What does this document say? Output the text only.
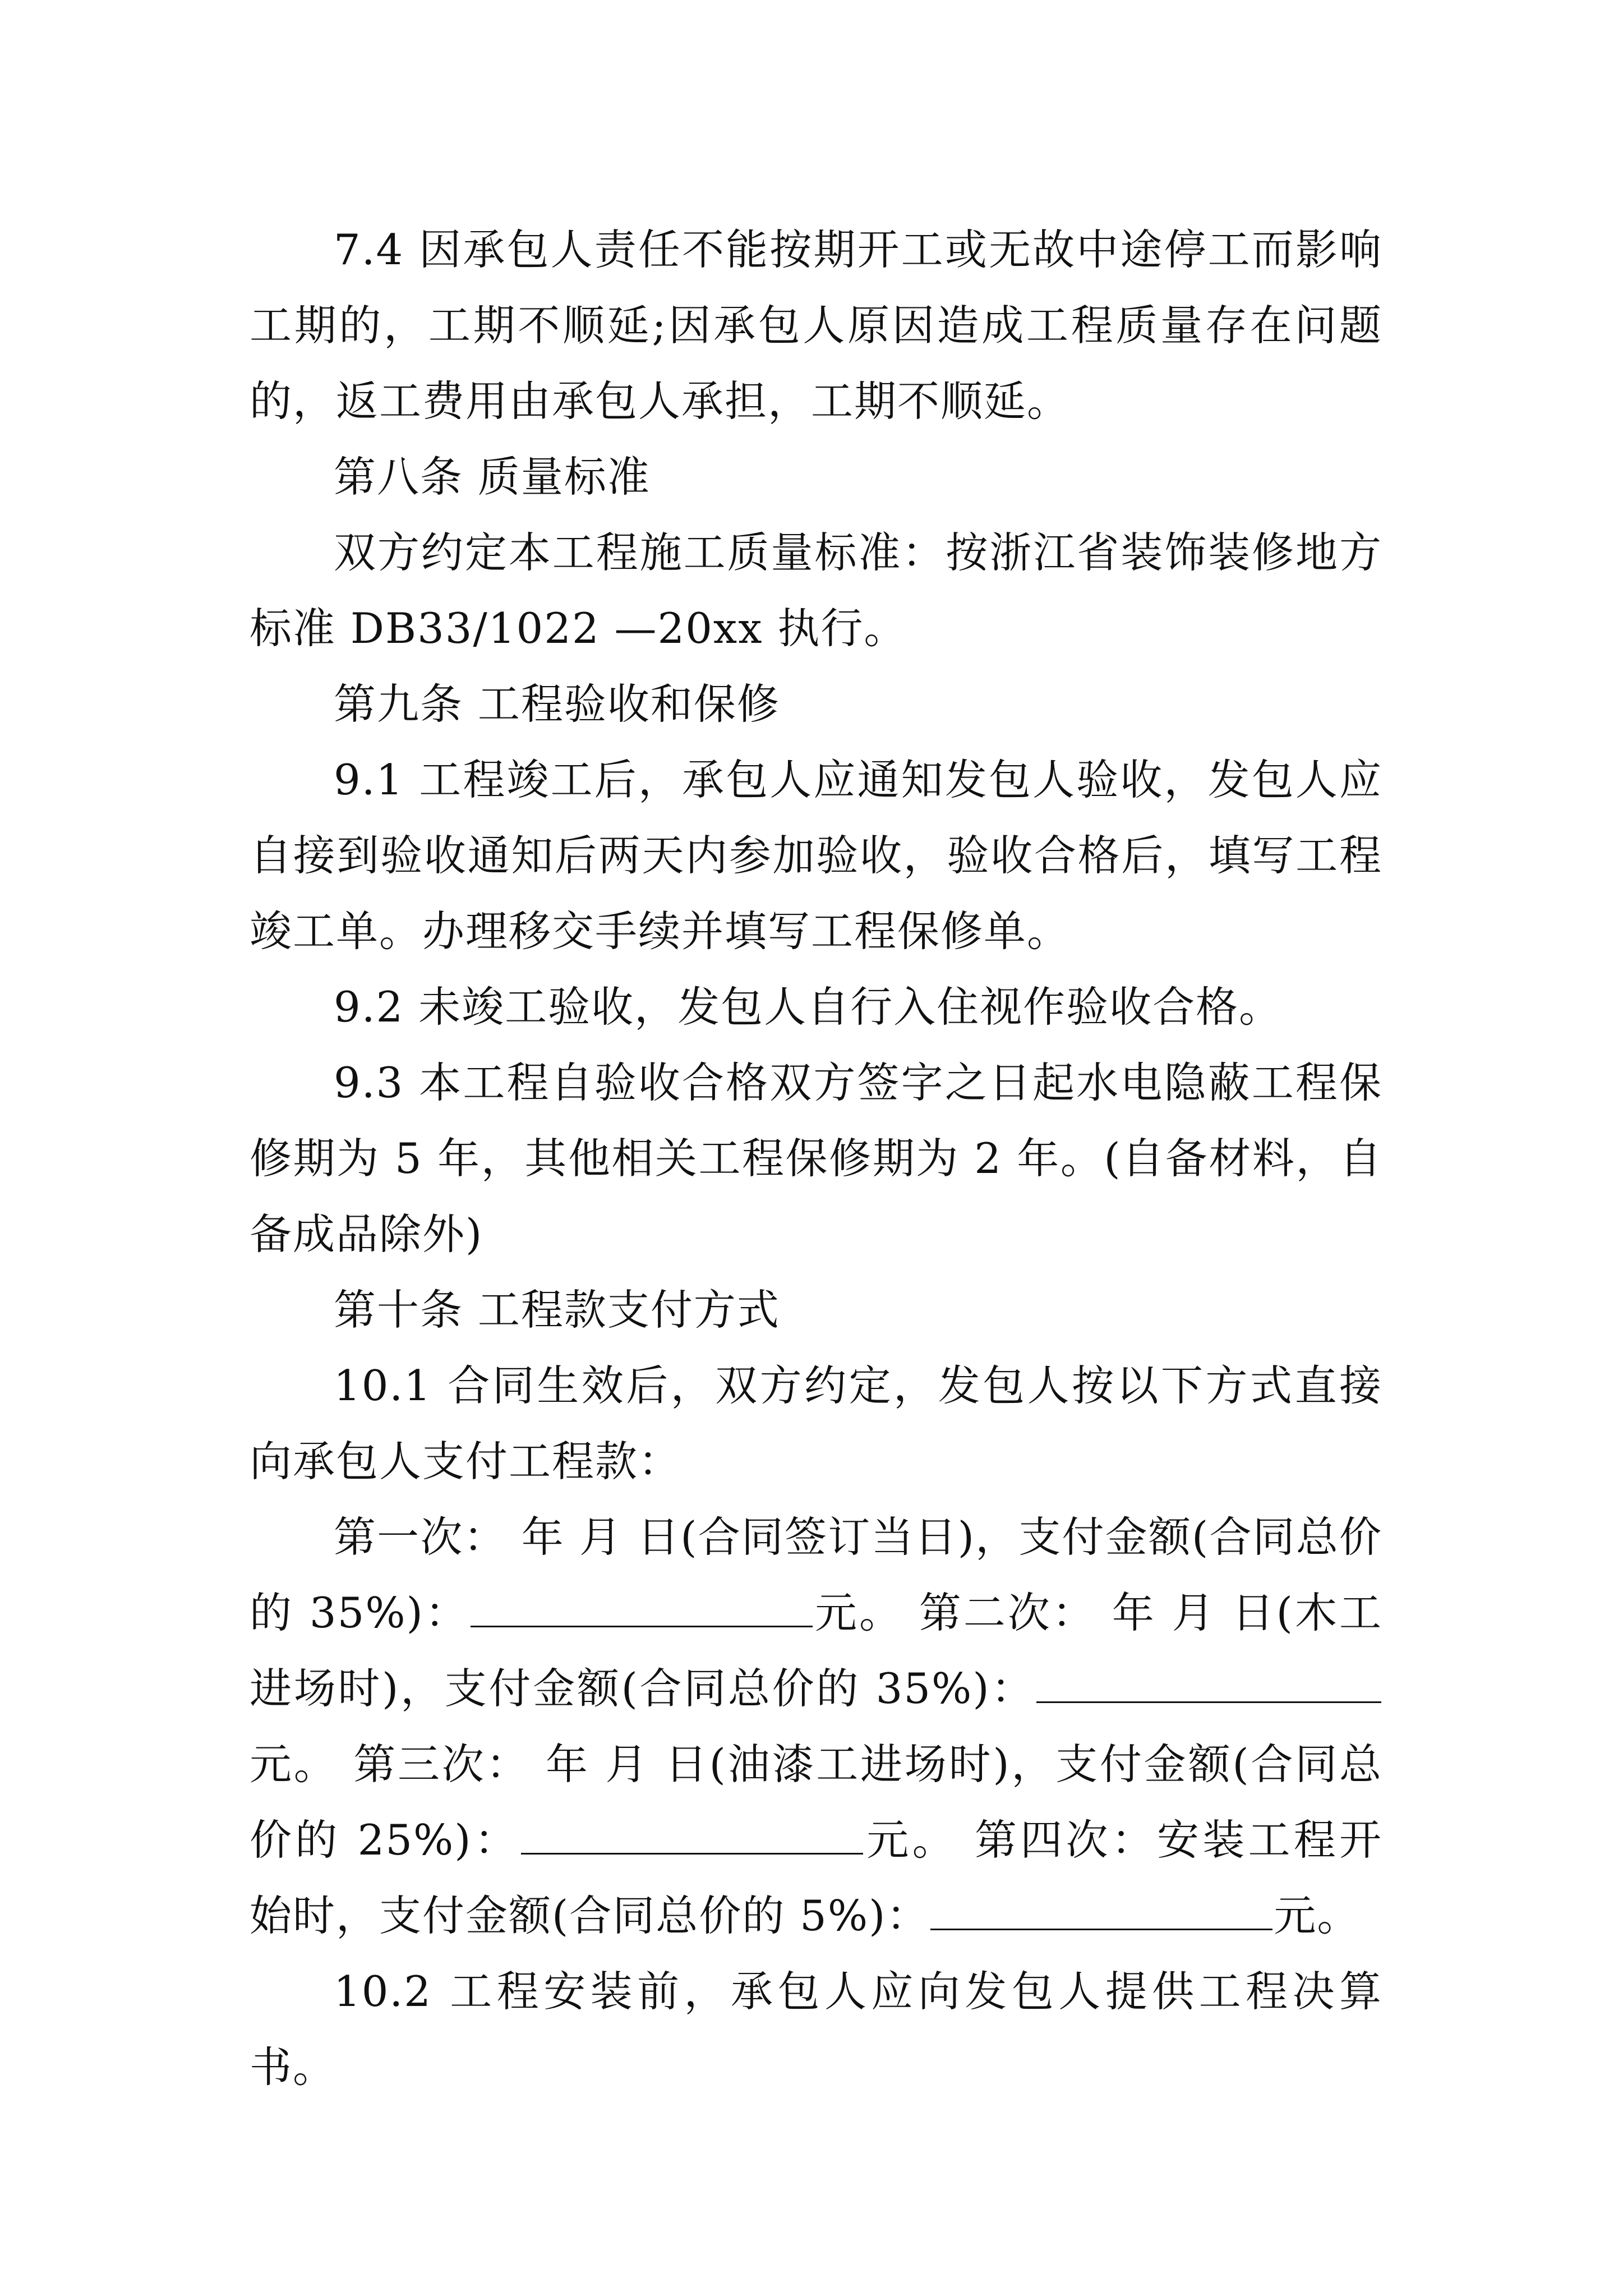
7.4 因承包人责任不能按期开工或无故中途停工而影响工期的，工期不顺延;因承包人原因造成工程质量存在问题的，返工费用由承包人承担，工期不顺延。

第八条 质量标准

双方约定本工程施工质量标准：按浙江省装饰装修地方标准 DB33/1022 —20xx 执行。

第九条 工程验收和保修

9.1 工程竣工后，承包人应通知发包人验收，发包人应自接到验收通知后两天内参加验收，验收合格后，填写工程竣工单。办理移交手续并填写工程保修单。

9.2 未竣工验收，发包人自行入住视作验收合格。

9.3 本工程自验收合格双方签字之日起水电隐蔽工程保修期为 5 年，其他相关工程保修期为 2 年。(自备材料，自备成品除外)

第十条 工程款支付方式

10.1 合同生效后，双方约定，发包人按以下方式直接向承包人支付工程款：

第一次： 年 月 日(合同签订当日)，支付金额(合同总价的 35%)：	元。 第二次： 年 月 日(木工进场时)，支付金额(合同总价的 35%)：元。 第三次： 年 月 日(油漆工进场时)，支付金额(合同总价的 25%)：	元。 第四次：安装工程开始时，支付金额(合同总价的 5%)：	元。

10.2 工程安装前，承包人应向发包人提供工程决算书。
